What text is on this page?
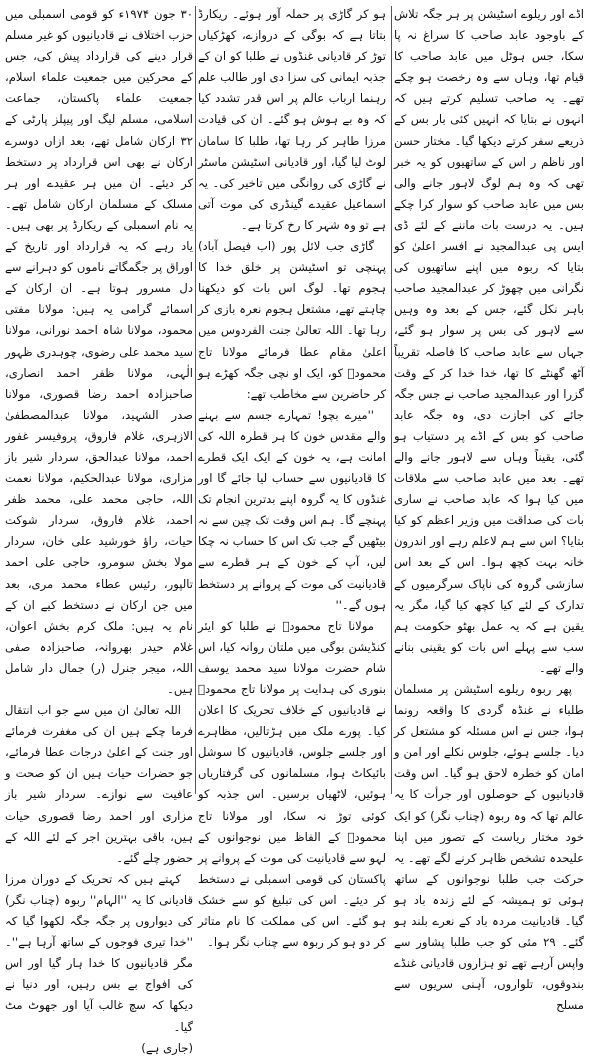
اڈے اور ریلوے اسٹیشن پر ہر جگہ تلاش کے باوجود عابد صاحب کا سراغ نہ پا سکا، جس ہوٹل میں عابد صاحب کا قیام تھا، وہاں سے وہ رخصت ہو چکے تھے۔ یہ صاحب تسلیم کرتے ہیں کہ انہوں نے بتایا کہ انہیں کئی بار بس کے ذریعے سفر کرتے دیکھا گیا۔ مختار حسن اور ناظم ر اس کے ساتھیوں کو یہ خبر تھی کہ وہ ہم لوگ لاہور جانے والی بس میں عابد صاحب کو سوار کرا چکے ہیں۔ یہ درست بات ماننے کے لئے ڈی ایس پی عبدالمجید نے افسر اعلیٰ کو بتایا کہ ربوہ میں اپنے ساتھیوں کی نگرانی میں چھوڑ کر عبدالمجید صاحب باہر نکل گئے، جس کے بعد وہ وہیں سے لاہور کی بس پر سوار ہو گئے، جہاں سے عابد صاحب کا فاصلہ تقریباً آٹھ گھنٹے کا تھا، خدا خدا کر کے وقت گزرا اور عبدالمجید صاحب نے جس جگہ جائے کی اجازت دی، وہ جگہ عابد صاحب کو بس کے اڈے پر دستیاب ہو گئی، یقیناً وہاں سے لاہور جانے والے تھے۔ بعد میں عابد صاحب سے ملاقات میں کیا ہوا کہ عابد صاحب نے ساری بات کی صداقت میں وزیر اعظم کو کیا بتایا؟ اس سے ہم لاعلم رہے اور اندرون خانہ بہت کچھ ہوا۔ اس کے بعد اس سازشی گروہ کی ناپاک سرگرمیوں کے تدارک کے لئے کیا کچھ کیا گیا، مگر یہ یقین ہے کہ یہ عمل بھٹو حکومت ہم سب سے پہلے اس بات کو یقینی بنانے والے تھے۔

پھر ربوہ ریلوے اسٹیشن پر مسلمان طلباء نے غنڈہ گردی کا واقعہ رونما ہوا، جس نے اس مسئلہ کو مشتعل کر دیا۔ جلسے ہوئے، جلوس نکلے اور امن و امان کو خطرہ لاحق ہو گیا۔ اس وقت قادیانیوں کے حوصلوں اور جرأت کا یہ عالم تھا کہ وہ ربوہ (چناب نگر) کو ایک خود مختار ریاست کے تصور میں اپنا علیحدہ تشخص ظاہر کرنے لگے تھے۔ یہ حرکت جب طلبا نوجوانوں کے ساتھ ہوئی تو ہمیشہ کے لئے زندہ باد ہو گیا۔ قادیانیت مردہ باد کے نعرے بلند ہو گئے۔ ۲۹ مئی کو جب طلبا پشاور سے واپس آرہے تھے تو ہزاروں قادیانی غنڈے بندوقوں، تلواروں، آہنی سریوں سے مسلح

ہو کر گاڑی پر حملہ آور ہوئے۔ ریکارڈ بتاتا ہے کہ بوگی کے دروازے، کھڑکیاں توڑ کر قادیانی غنڈوں نے طلبا کو ان کے جذبہ ایمانی کی سزا دی اور طالب علم رہنما ارباب عالم پر اس قدر تشدد کیا کہ وہ بے ہوش ہو گئے۔ ان کی قیادت مرزا طاہر کر رہا تھا، طلبا کا سامان لوٹ لیا گیا، اور قادیانی اسٹیشن ماسٹر نے گاڑی کی روانگی میں تاخیر کی۔ یہ اسماعیل عقیدے گینڈری کی موت آتی ہے تو وہ شہر کا رخ کرتا ہے۔

گاڑی جب لائل پور (اب فیصل آباد) پہنچی تو اسٹیشن پر خلق خدا کا ہجوم تھا۔ لوگ اس بات کو دیکھنا چاہتے تھے، مشتعل ہجوم نعرہ بازی کر رہا تھا۔ اللہ تعالیٰ جنت الفردوس میں اعلیٰ مقام عطا فرمائے مولانا تاج محمودؒ کو، ایک او نچی جگہ کھڑے ہو کر حاضرین سے مخاطب تھے:

''میرے بچو! تمہارے جسم سے بہنے والے مقدس خون کا ہر قطرہ اللہ کی امانت ہے، یہ خون کے ایک ایک قطرے کا قادیانیوں سے حساب لیا جائے گا اور غنڈوں کا یہ گروہ اپنے بدترین انجام تک پہنچے گا۔ ہم اس وقت تک چین سے نہ بیٹھیں گے جب تک اس کا حساب نہ چکا لیں، آپ کے خون کے ہر قطرے سے قادیانیت کی موت کے پروانے پر دستخط ہوں گے۔''

مولانا تاج محمودؒ نے طلبا کو ایئر کنڈیشن بوگی میں ملتان روانہ کیا، اس شام حضرت مولانا سید محمد یوسف بنوری کی ہدایت پر مولانا تاج محمودؒ نے قادیانیوں کے خلاف تحریک کا اعلان کیا۔ پورے ملک میں ہڑتالیں، مظاہرے اور جلسے جلوس، قادیانیوں کا سوشل بائیکاٹ ہوا، مسلمانوں کی گرفتاریاں ہوئیں، لاٹھیاں برسیں۔ اس جذبہ کو کوئی توڑ نہ سکا، اور مولانا تاج محمودؒ کے الفاظ میں نوجوانوں کے لہو سے قادیانیت کی موت کے پروانے پر پاکستان کی قومی اسمبلی نے دستخط کر دیئے۔ اس کی تبلیغ کو سے خشک ہو گئے۔ اس کی مملکت کا نام متاثر کر دو ہو کر ربوہ سے چناب نگر ہوا۔

۳۰ جون ۱۹۷۴ء کو قومی اسمبلی میں حزب اختلاف نے قادیانیوں کو غیر مسلم قرار دینے کی قرارداد پیش کی، جس کے محرکین میں جمعیت علماء اسلام، جمعیت علماء پاکستان، جماعت اسلامی، مسلم لیگ اور پیپلز پارٹی کے ۳۲ ارکان شامل تھے، بعد ازاں دوسرے ارکان نے بھی اس قرارداد پر دستخط کر دیئے۔ ان میں ہر عقیدے اور ہر مسلک کے مسلمان ارکان شامل تھے۔ یہ نام اسمبلی کے ریکارڈ پر بھی ہیں۔ یاد رہے کہ یہ قرارداد اور تاریخ کے اوراق پر جگمگاتے ناموں کو دہرانے سے دل مسرور ہوتا ہے۔ ان ارکان کے اسمائے گرامی یہ ہیں: مولانا مفتی محمود، مولانا شاہ احمد نورانی، مولانا سید محمد علی رضوی، چوہدری ظہور الٰہی، مولانا ظفر احمد انصاری، صاحبزادہ احمد رضا قصوری، مولانا صدر الشہید، مولانا عبدالمصطفیٰ الازہری، غلام فاروق، پروفیسر غفور احمد، مولانا عبدالحق، سردار شیر باز مزاری، مولانا عبدالحکیم، مولانا نعمت اللہ، حاجی محمد علی، محمد ظفر احمد، غلام فاروق، سردار شوکت حیات، راؤ خورشید علی خان، سردار مولا بخش سومرو، حاجی علی احمد تالپور، رئیس عطاء محمد مری، بعد میں جن ارکان نے دستخط کیے ان کے نام یہ ہیں: ملک کرم بخش اعوان، غلام حیدر بھروانہ، صاحبزادہ صفی اللہ، میجر جنرل (ر) جمال دار شامل ہیں۔

اللہ تعالیٰ ان میں سے جو اب انتقال فرما چکے ہیں ان کی مغفرت فرمائے اور جنت کے اعلیٰ درجات عطا فرمائے، جو حضرات حیات ہیں ان کو صحت و عافیت سے نوازے۔ سردار شیر باز مزاری اور احمد رضا قصوری حیات ہیں، باقی بہترین اجر کے لئے اللہ کے حضور چلے گئے۔

کہتے ہیں کہ تحریک کے دوران مرزا قادیانی کا یہ ''الہام'' ربوہ (چناب نگر) کی دیواروں پر جگہ جگہ لکھوا گیا کہ ''خدا تیری فوجوں کے ساتھ آرہا ہے''۔ مگر قادیانیوں کا خدا ہار گیا اور اس کی افواج بے بس رہیں، اور دنیا نے دیکھا کہ سچ غالب آیا اور جھوٹ مٹ گیا۔

(جاری ہے)
